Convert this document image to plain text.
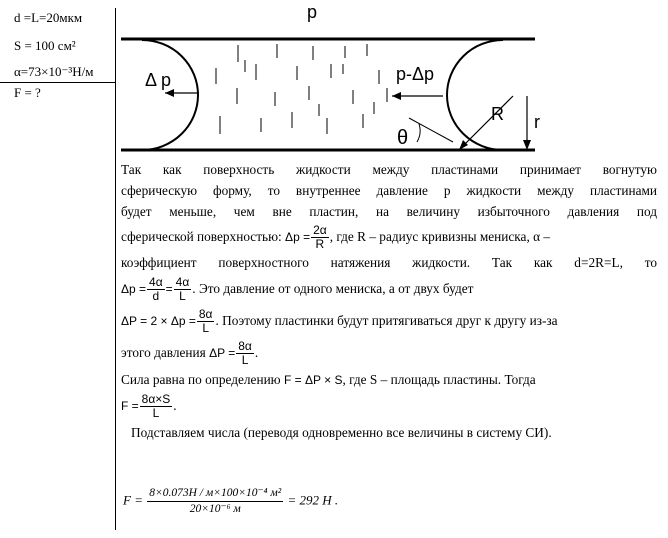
d =L=20мкм
S = 100 см²
α=73×10⁻³Н/м
F = ?
p
Δ p	p-Δp
R r
θ
Так как поверхность жидкости между пластинами принимает вогнутую
сферическую форму, то внутреннее давление р жидкости между пластинами
будет меньше, чем вне пластин, на величину избыточного давления под
сферической поверхностью: $\Delta p = \frac{2\alpha}{R}$ , где R – радиус кривизны мениска, α –
коэффициент поверхностного натяжения жидкости. Так как d=2R=L, то
$\Delta p = \frac{4\alpha}{d} = \frac{4\alpha}{L}$ . Это давление от одного мениска, а от двух будет
$\Delta P = 2 \times \Delta p = \frac{8\alpha}{L}$ . Поэтому пластинки будут притягиваться друг к другу из-за
этого давления $\Delta P = \frac{8\alpha}{L}$ .
Сила равна по определению F = ΔP × S, где S – площадь пластины. Тогда
$F = \frac{8\alpha\times S}{L}$ .
Подставляем числа (переводя одновременно все величины в систему СИ).
$F = \frac{\text{8×0.073H / м×100×10⁻⁴ м²}}{\text{20×10⁻⁶ м}} = 292$ H .
